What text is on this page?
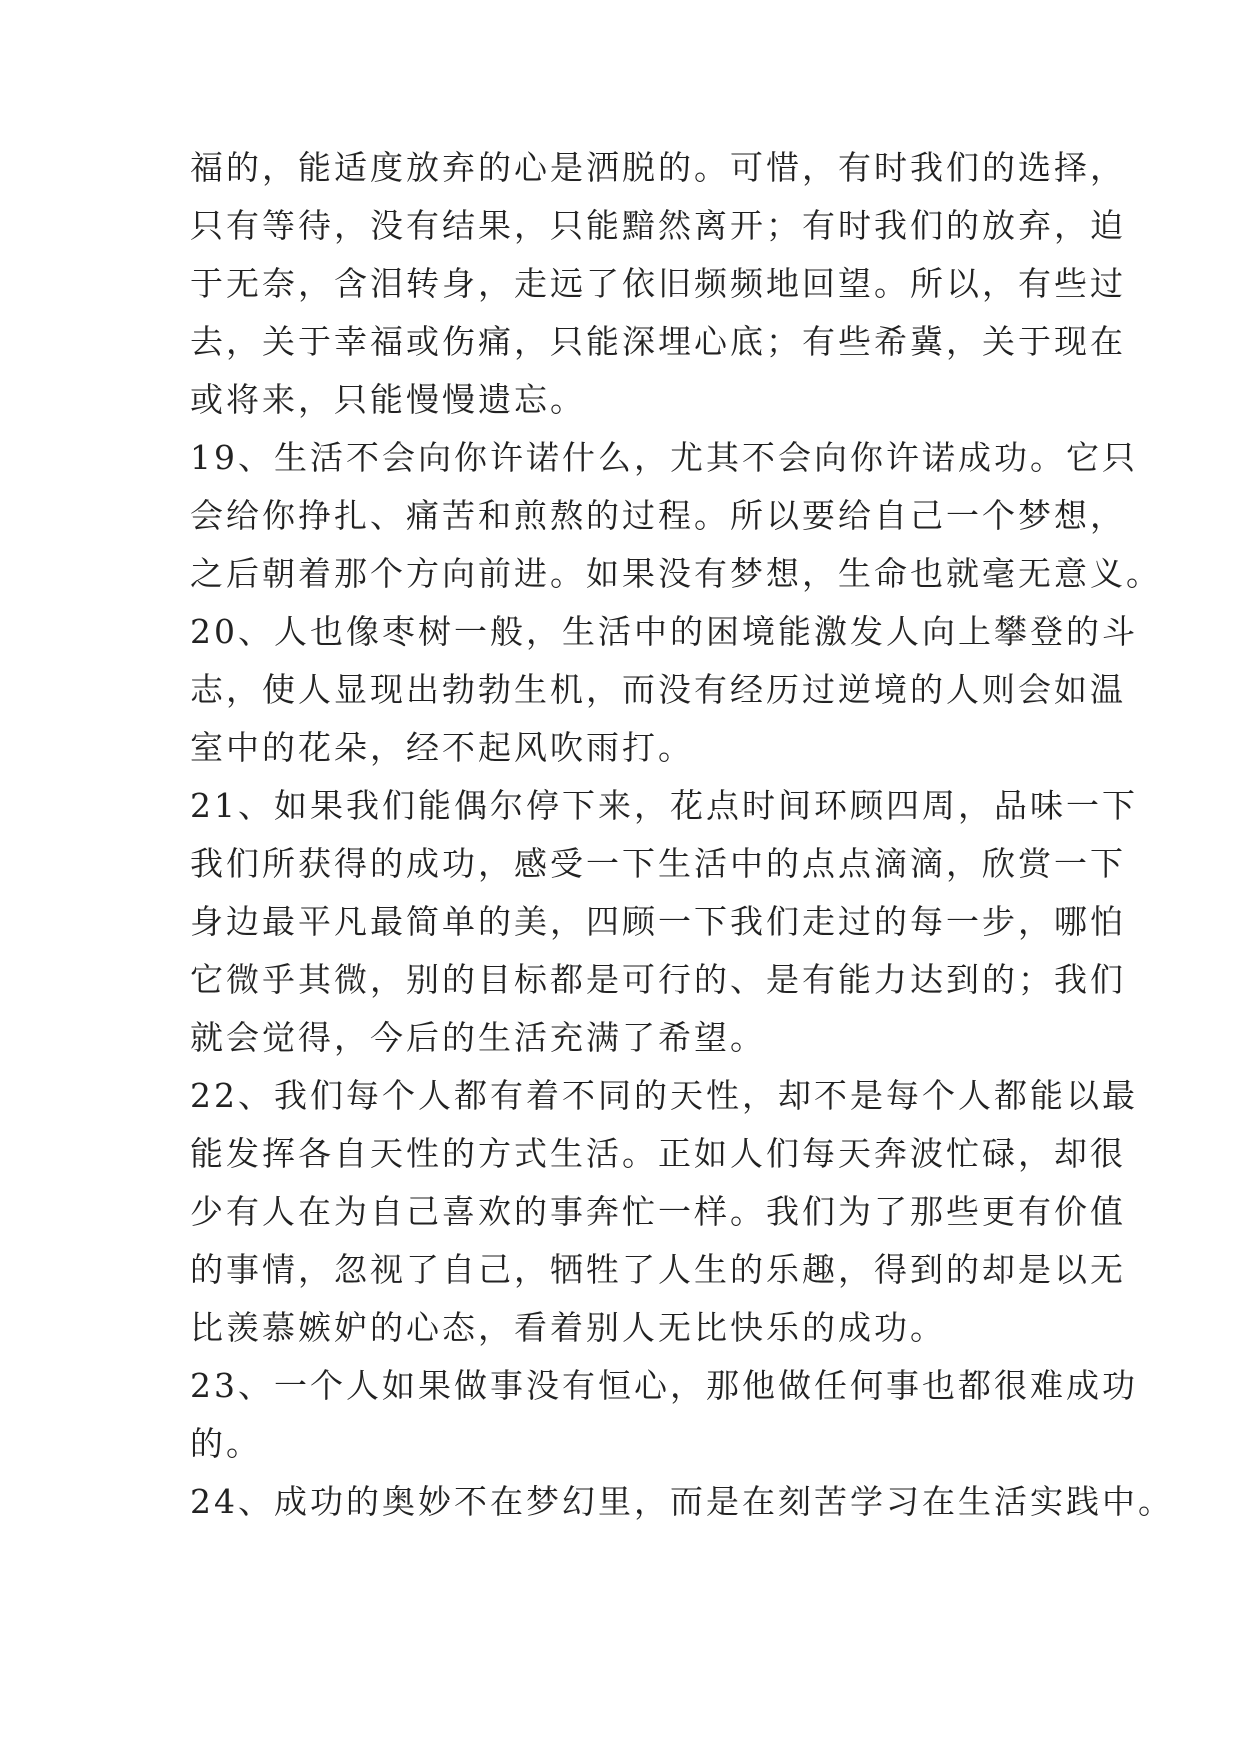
福的，能适度放弃的心是洒脱的。可惜，有时我们的选择，
只有等待，没有结果，只能黯然离开；有时我们的放弃，迫
于无奈，含泪转身，走远了依旧频频地回望。所以，有些过
去，关于幸福或伤痛，只能深埋心底；有些希冀，关于现在
或将来，只能慢慢遗忘。
19、生活不会向你许诺什么，尤其不会向你许诺成功。它只
会给你挣扎、痛苦和煎熬的过程。所以要给自己一个梦想，
之后朝着那个方向前进。如果没有梦想，生命也就毫无意义。
20、人也像枣树一般，生活中的困境能激发人向上攀登的斗
志，使人显现出勃勃生机，而没有经历过逆境的人则会如温
室中的花朵，经不起风吹雨打。
21、如果我们能偶尔停下来，花点时间环顾四周，品味一下
我们所获得的成功，感受一下生活中的点点滴滴，欣赏一下
身边最平凡最简单的美，四顾一下我们走过的每一步，哪怕
它微乎其微，别的目标都是可行的、是有能力达到的；我们
就会觉得，今后的生活充满了希望。
22、我们每个人都有着不同的天性，却不是每个人都能以最
能发挥各自天性的方式生活。正如人们每天奔波忙碌，却很
少有人在为自己喜欢的事奔忙一样。我们为了那些更有价值
的事情，忽视了自己，牺牲了人生的乐趣，得到的却是以无
比羡慕嫉妒的心态，看着别人无比快乐的成功。
23、一个人如果做事没有恒心，那他做任何事也都很难成功
的。
24、成功的奥妙不在梦幻里，而是在刻苦学习在生活实践中。
